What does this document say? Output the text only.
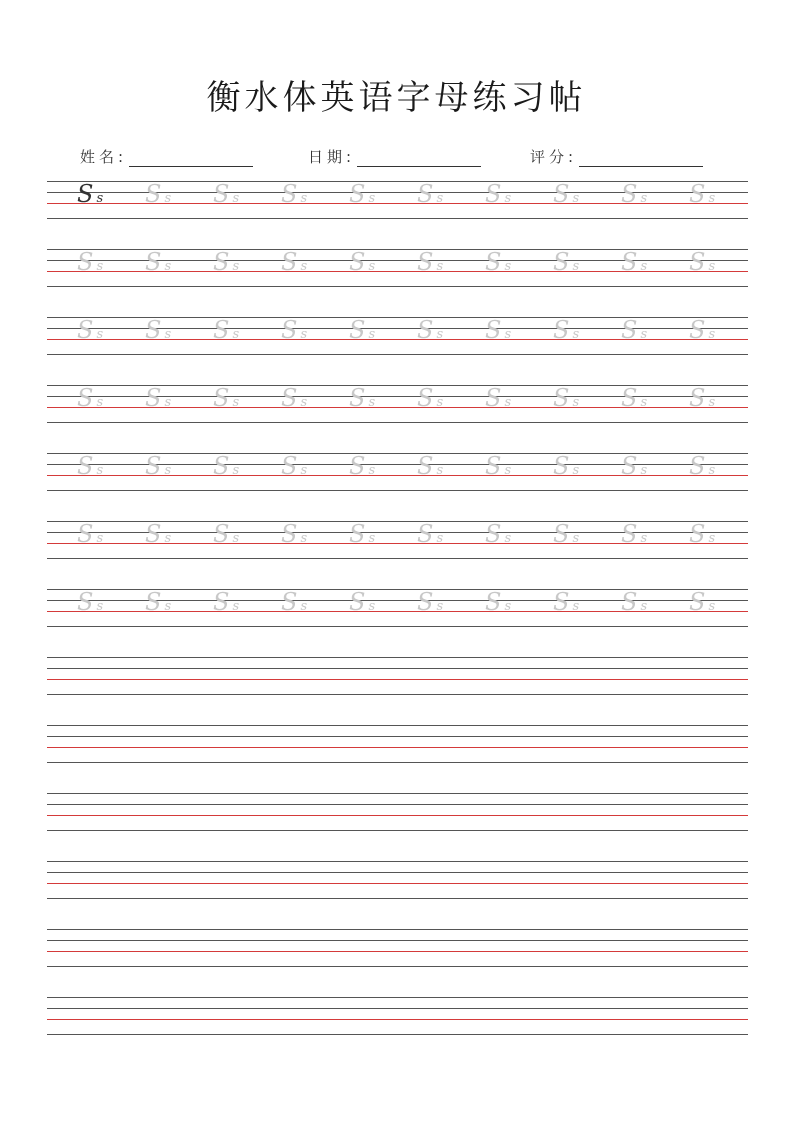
衡水体英语字母练习帖
姓名:	日期:	评分:
S s	S s	S s	S s	S s	S s	S s	S s	S s	S s
S s	S s	S s	S s	S s	S s	S s	S s	S s	S s
S s	S s	S s	S s	S s	S s	S s	S s	S s	S s
S s	S s	S s	S s	S s	S s	S s	S s	S s	S s
S s	S s	S s	S s	S s	S s	S s	S s	S s	S s
S s	S s	S s	S s	S s	S s	S s	S s	S s	S s
S s	S s	S s	S s	S s	S s	S s	S s	S s	S s
